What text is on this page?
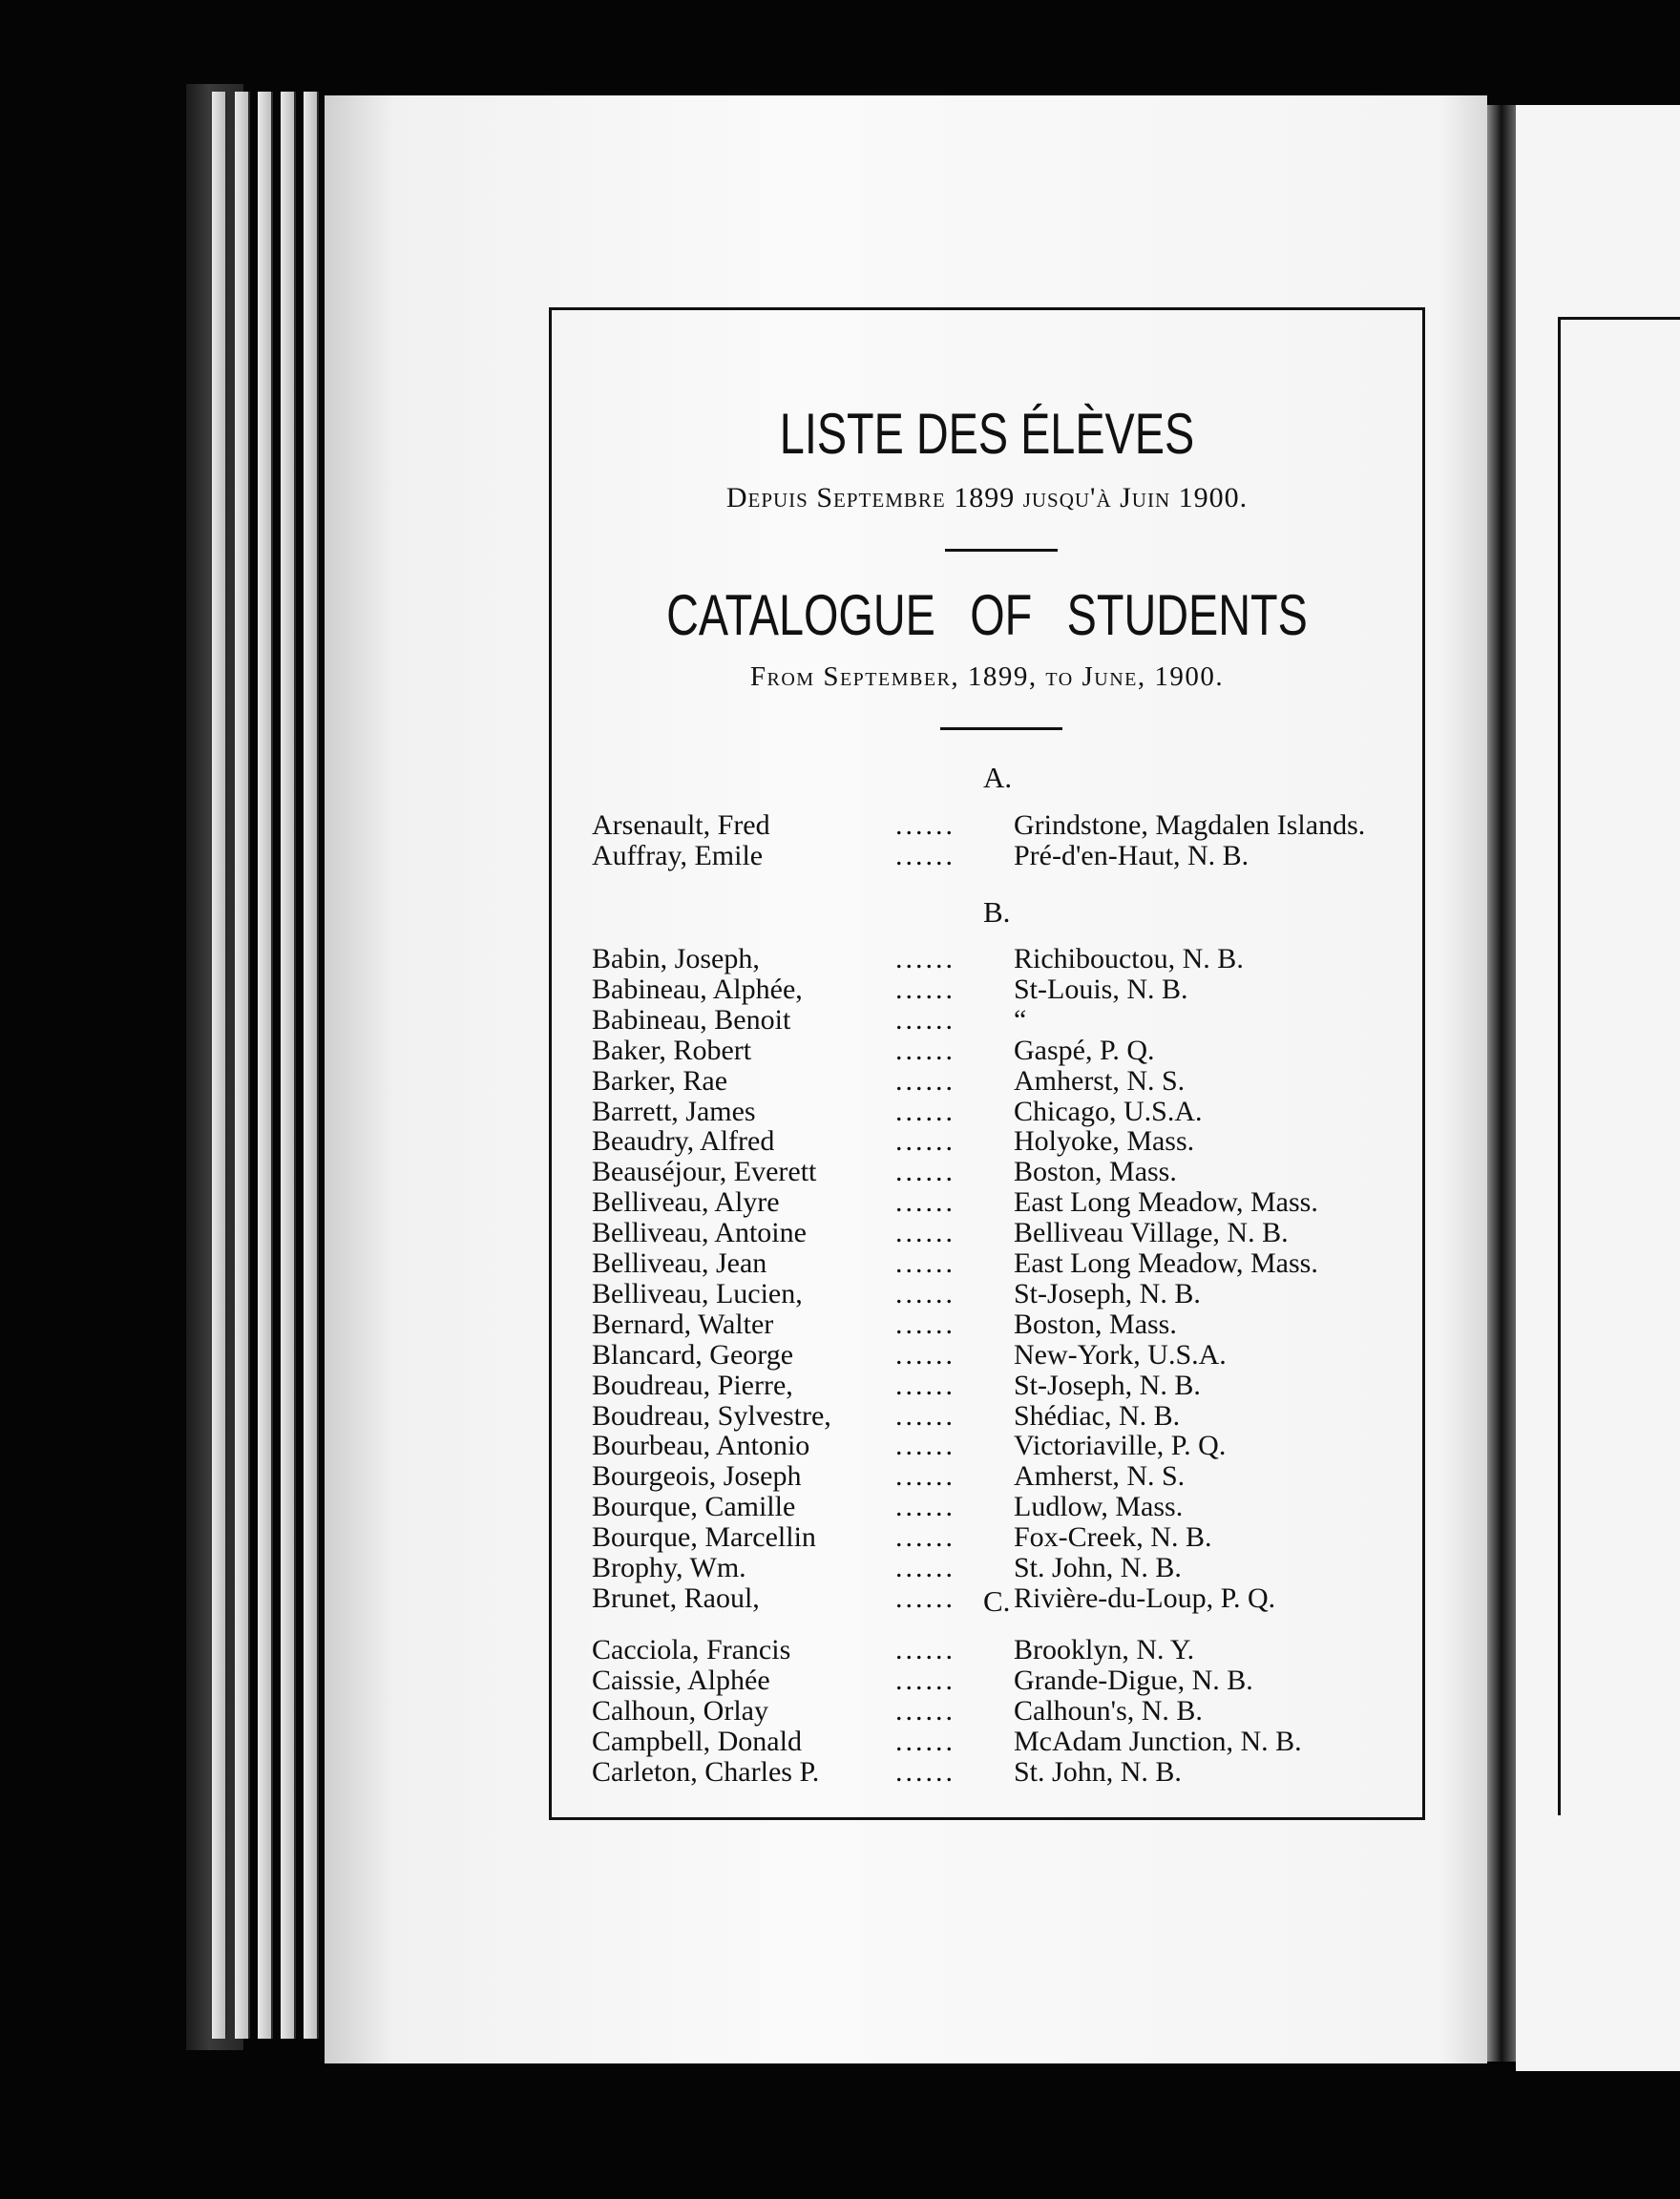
LISTE DES ÉLÈVES
Depuis Septembre 1899 jusqu'à Juin 1900.
CATALOGUE OF STUDENTS
From September, 1899, to June, 1900.
A.
Arsenault, Fred	...... Grindstone, Magdalen Islands.
Auffray, Emile	...... Pré-d'en-Haut, N. B.
B.
Babin, Joseph,	...... Richibouctou, N. B.
Babineau, Alphée,	...... St-Louis, N. B.
Babineau, Benoit	...... “
Baker, Robert	...... Gaspé, P. Q.
Barker, Rae	...... Amherst, N. S.
Barrett, James	...... Chicago, U.S.A.
Beaudry, Alfred	...... Holyoke, Mass.
Beauséjour, Everett	...... Boston, Mass.
Belliveau, Alyre	...... East Long Meadow, Mass.
Belliveau, Antoine	...... Belliveau Village, N. B.
Belliveau, Jean	...... East Long Meadow, Mass.
Belliveau, Lucien,	...... St-Joseph, N. B.
Bernard, Walter	...... Boston, Mass.
Blancard, George	...... New-York, U.S.A.
Boudreau, Pierre,	...... St-Joseph, N. B.
Boudreau, Sylvestre, ...... Shédiac, N. B.
Bourbeau, Antonio	...... Victoriaville, P. Q.
Bourgeois, Joseph	...... Amherst, N. S.
Bourque, Camille	...... Ludlow, Mass.
Bourque, Marcellin	...... Fox-Creek, N. B.
Brophy, Wm.	...... St. John, N. B.
Brunet, Raoul,	...... Rivière-du-Loup, P. Q.
C.
Cacciola, Francis	...... Brooklyn, N. Y.
Caissie, Alphée	...... Grande-Digue, N. B.
Calhoun, Orlay	...... Calhoun's, N. B.
Campbell, Donald	...... McAdam Junction, N. B.
Carleton, Charles P.	...... St. John, N. B.
